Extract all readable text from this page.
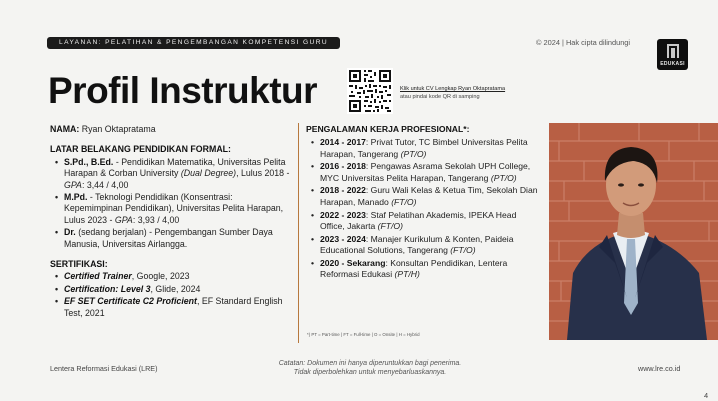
LAYANAN: PELATIHAN & PENGEMBANGAN KOMPETENSI GURU	© 2024 | Hak cipta dilindungi
EDUKASI
Profil Instruktur	Klik untuk CV Lengkap Ryan Oktapratama
atau pindai kode QR di samping
NAMA: Ryan Oktapratama
LATAR BELAKANG PENDIDIKAN FORMAL:
• S.Pd., B.Ed. - Pendidikan Matematika, Universitas Pelita Harapan & Corban University (Dual Degree), Lulus 2018 - GPA: 3,44 / 4,00
• M.Pd. - Teknologi Pendidikan (Konsentrasi: Kepemimpinan Pendidikan), Universitas Pelita Harapan, Lulus 2023 - GPA: 3,93 / 4,00
• Dr. (sedang berjalan) - Pengembangan Sumber Daya Manusia, Universitas Airlangga.
SERTIFIKASI:
• Certified Trainer, Google, 2023
• Certification: Level 3, Glide, 2024
• EF SET Certificate C2 Proficient, EF Standard English Test, 2021
PENGALAMAN KERJA PROFESIONAL*:
• 2014 - 2017: Privat Tutor, TC Bimbel Universitas Pelita Harapan, Tangerang (PT/O)
• 2016 - 2018: Pengawas Asrama Sekolah UPH College, MYC Universitas Pelita Harapan, Tangerang (PT/O)
• 2018 - 2022: Guru Wali Kelas & Ketua Tim, Sekolah Dian Harapan, Manado (FT/O)
• 2022 - 2023: Staf Pelatihan Akademis, IPEKA Head Office, Jakarta (FT/O)
• 2023 - 2024: Manajer Kurikulum & Konten, Paideia Educational Solutions, Tangerang (FT/O)
• 2020 - Sekarang: Konsultan Pendidikan, Lentera Reformasi Edukasi (PT/H)
*) PT = Part-time | FT = Full-time | O = Onsite | H = Hybrid
Lentera Reformasi Edukasi (LRE)
Catatan: Dokumen ini hanya diperuntukkan bagi penerima.
Tidak diperbolehkan untuk menyebarluaskannya.	www.lre.co.id
4
